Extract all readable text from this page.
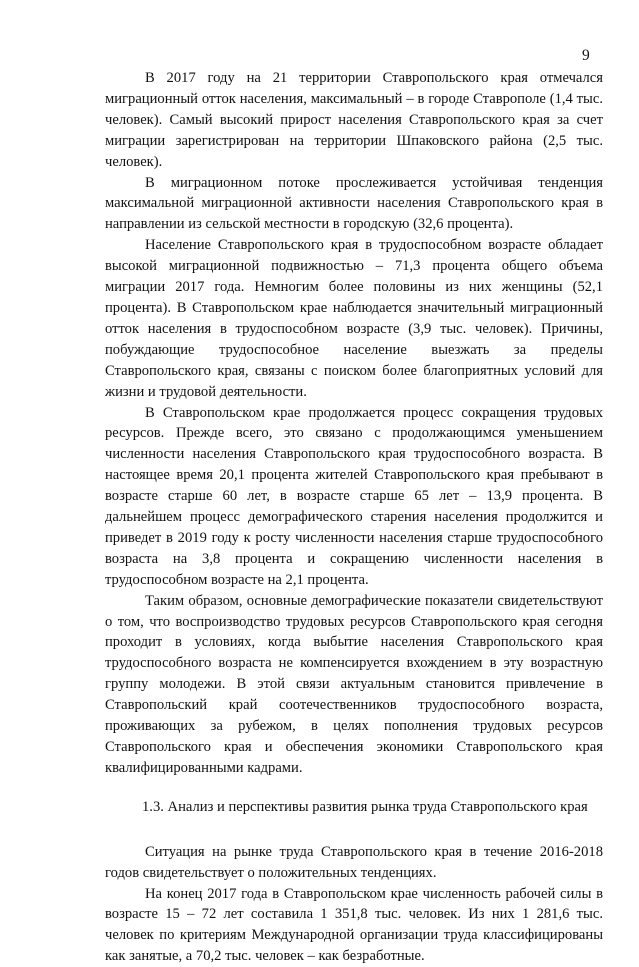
9

В 2017 году на 21 территории Ставропольского края отмечался миграционный отток населения, максимальный – в городе Ставрополе (1,4 тыс. человек). Самый высокий прирост населения Ставропольского края за счет миграции зарегистрирован на территории Шпаковского района (2,5 тыс. человек).

В миграционном потоке прослеживается устойчивая тенденция максимальной миграционной активности населения Ставропольского края в направлении из сельской местности в городскую (32,6 процента).

Население Ставропольского края в трудоспособном возрасте обладает высокой миграционной подвижностью – 71,3 процента общего объема миграции 2017 года. Немногим более половины из них женщины (52,1 процента). В Ставропольском крае наблюдается значительный миграционный отток населения в трудоспособном возрасте (3,9 тыс. человек). Причины, побуждающие трудоспособное население выезжать за пределы Ставропольского края, связаны с поиском более благоприятных условий для жизни и трудовой деятельности.

В Ставропольском крае продолжается процесс сокращения трудовых ресурсов. Прежде всего, это связано с продолжающимся уменьшением численности населения Ставропольского края трудоспособного возраста. В настоящее время 20,1 процента жителей Ставропольского края пребывают в возрасте старше 60 лет, в возрасте старше 65 лет – 13,9 процента. В дальнейшем процесс демографического старения населения продолжится и приведет в 2019 году к росту численности населения старше трудоспособного возраста на 3,8 процента и сокращению численности населения в трудоспособном возрасте на 2,1 процента.

Таким образом, основные демографические показатели свидетельствуют о том, что воспроизводство трудовых ресурсов Ставропольского края сегодня проходит в условиях, когда выбытие населения Ставропольского края трудоспособного возраста не компенсируется вхождением в эту возрастную группу молодежи. В этой связи актуальным становится привлечение в Ставропольский край соотечественников трудоспособного возраста, проживающих за рубежом, в целях пополнения трудовых ресурсов Ставропольского края и обеспечения экономики Ставропольского края квалифицированными кадрами.

1.3. Анализ и перспективы развития рынка труда Ставропольского края

Ситуация на рынке труда Ставропольского края в течение 2016-2018 годов свидетельствует о положительных тенденциях.

На конец 2017 года в Ставропольском крае численность рабочей силы в возрасте 15 – 72 лет составила 1 351,8 тыс. человек. Из них 1 281,6 тыс. человек по критериям Международной организации труда классифицированы как занятые, а 70,2 тыс. человек – как безработные.
